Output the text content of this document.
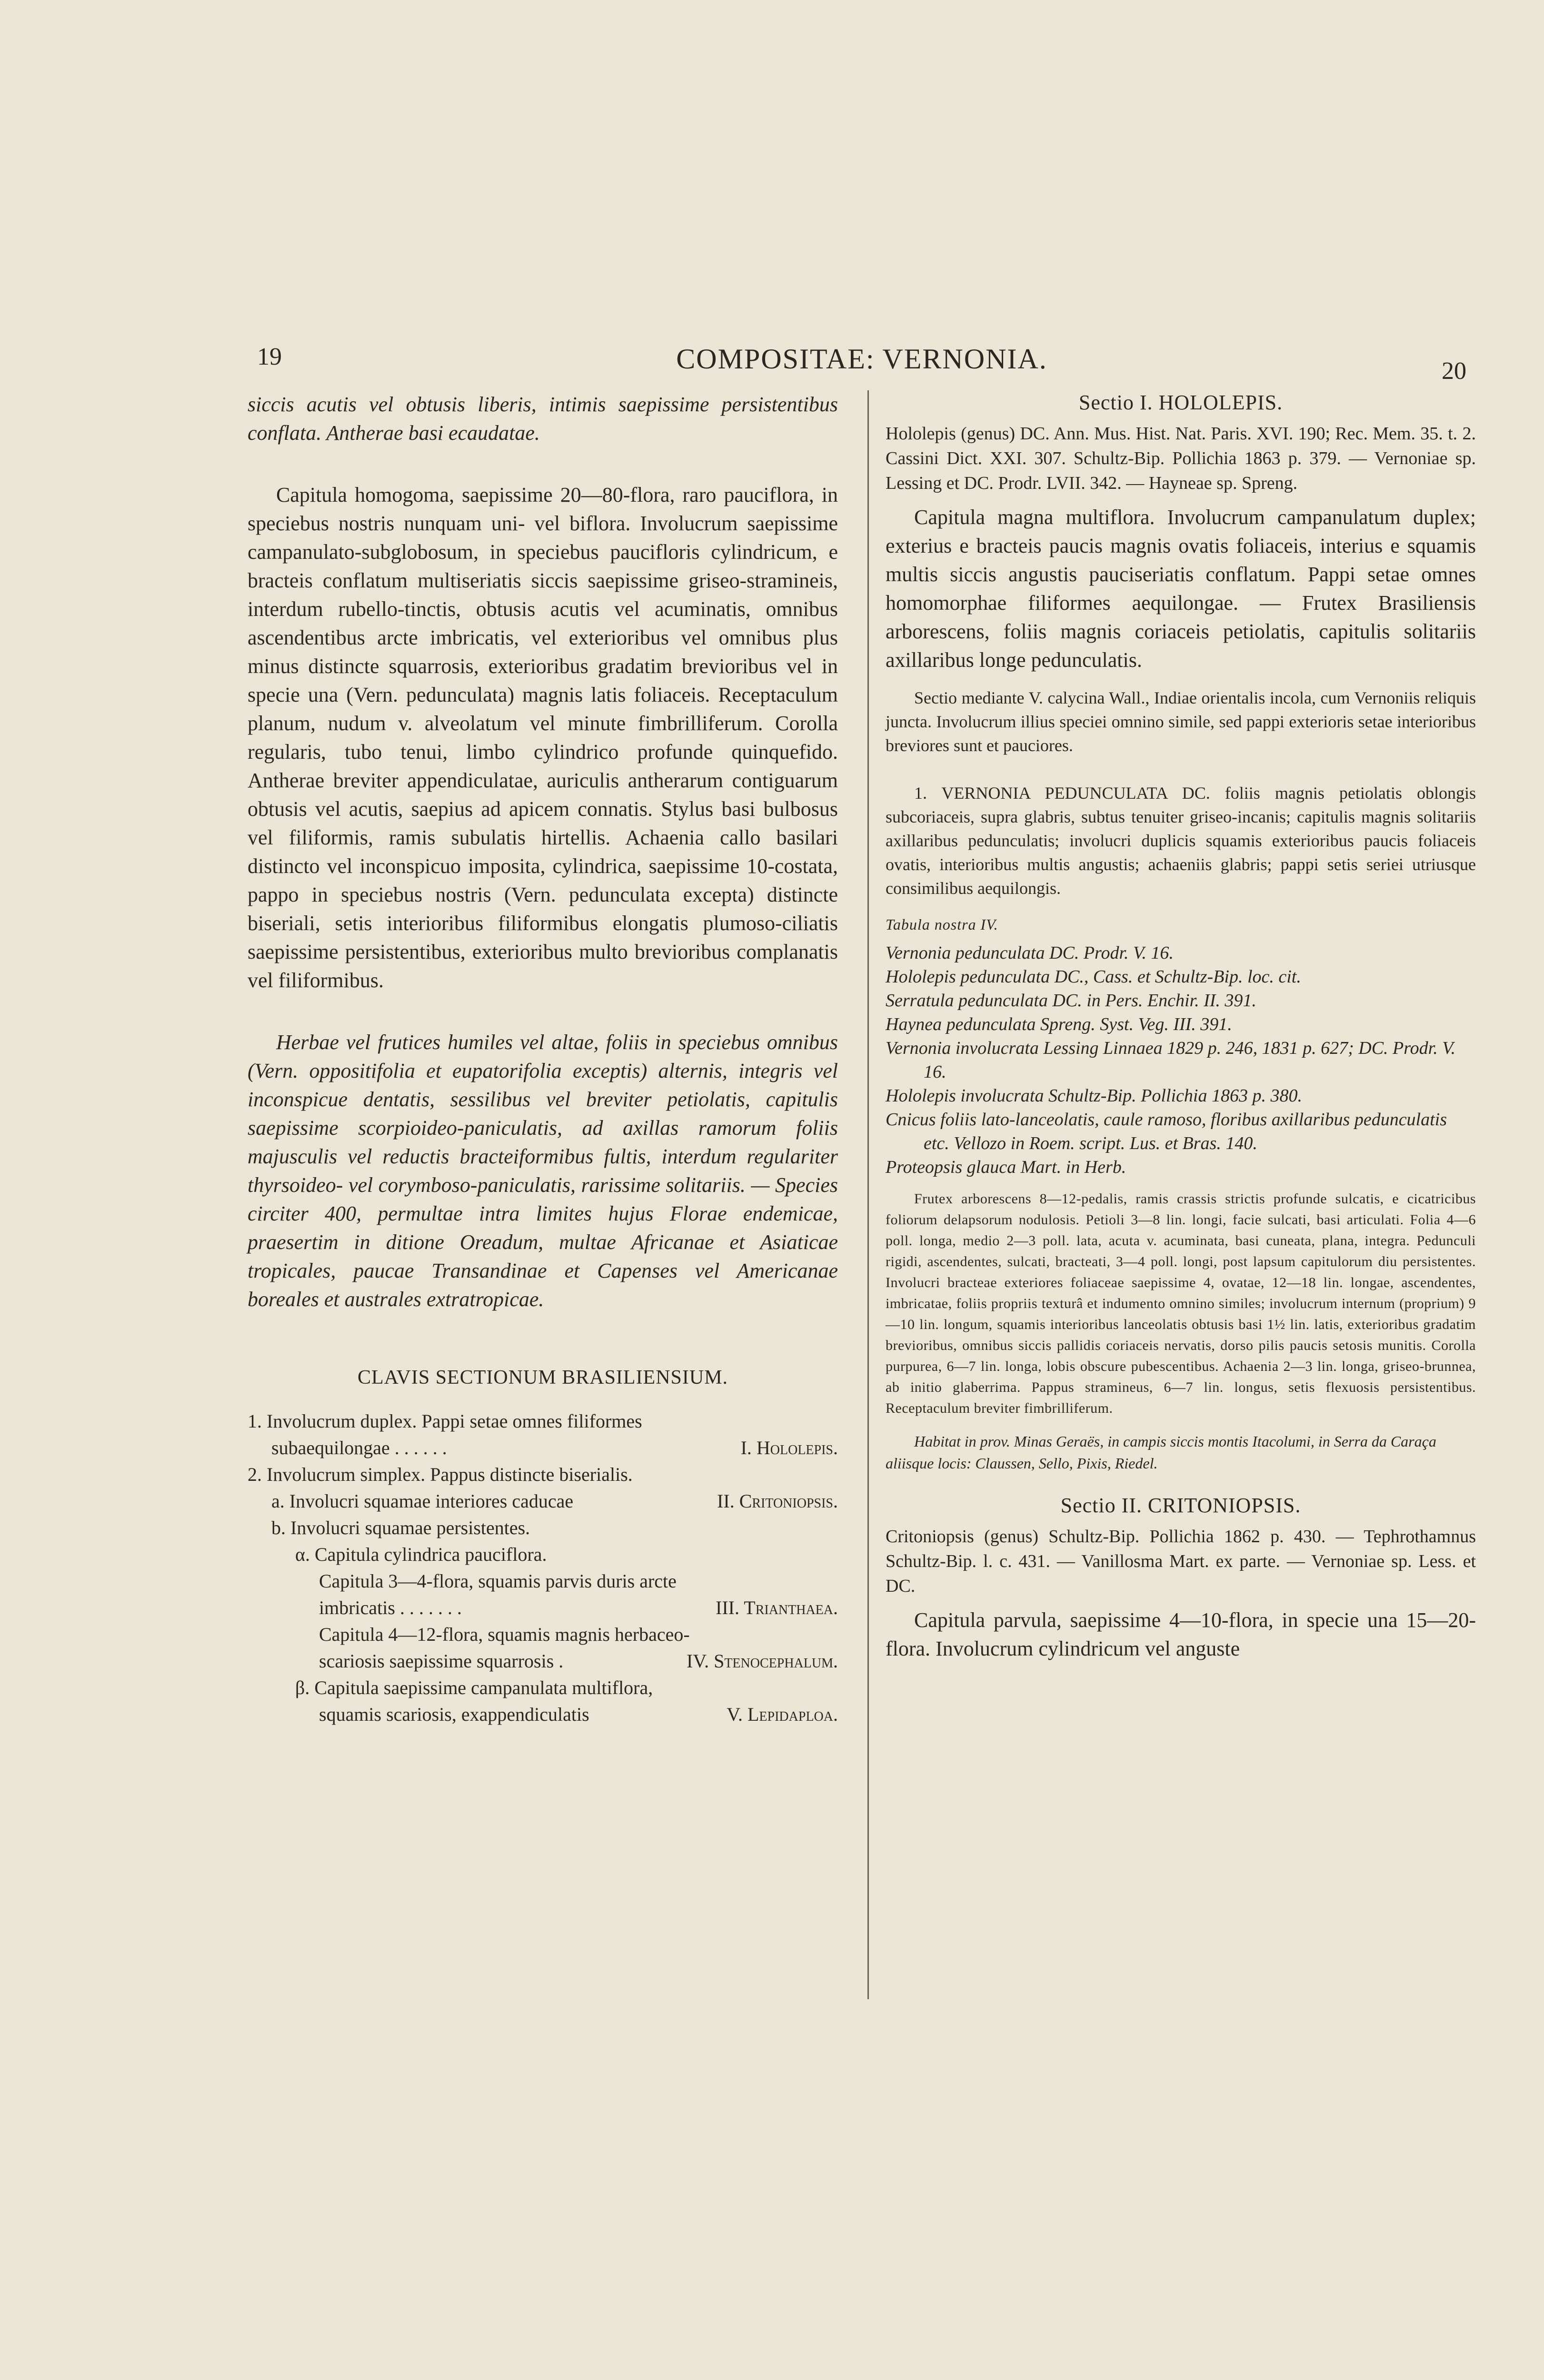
19	COMPOSITAE: VERNONIA.	20

siccis acutis vel obtusis liberis, intimis saepissime persistentibus conflata. Antherae basi ecaudatae.

Capitula homogoma, saepissime 20—80-flora, raro pauciflora, in speciebus nostris nunquam uni- vel biflora. Involucrum saepissime campanulato-subglobosum, in speciebus paucifloris cylindricum, e bracteis conflatum multiseriatis siccis saepissime griseo-stramineis, interdum rubello-tinctis, obtusis acutis vel acuminatis, omnibus ascendentibus arcte imbricatis, vel exterioribus vel omnibus plus minus distincte squarrosis, exterioribus gradatim brevioribus vel in specie una (Vern. pedunculata) magnis latis foliaceis. Receptaculum planum, nudum v. alveolatum vel minute fimbrilliferum. Corolla regularis, tubo tenui, limbo cylindrico profunde quinquefido. Antherae breviter appendiculatae, auriculis antherarum contiguarum obtusis vel acutis, saepius ad apicem connatis. Stylus basi bulbosus vel filiformis, ramis subulatis hirtellis. Achaenia callo basilari distincto vel inconspicuo imposita, cylindrica, saepissime 10-costata, pappo in speciebus nostris (Vern. pedunculata excepta) distincte biseriali, setis interioribus filiformibus elongatis plumoso-ciliatis saepissime persistentibus, exterioribus multo brevioribus complanatis vel filiformibus.

Herbae vel frutices humiles vel altae, foliis in speciebus omnibus (Vern. oppositifolia et eupatorifolia exceptis) alternis, integris vel inconspicue dentatis, sessilibus vel breviter petiolatis, capitulis saepissime scorpioideo-paniculatis, ad axillas ramorum foliis majusculis vel reductis bracteiformibus fultis, interdum regulariter thyrsoideo- vel corymboso-paniculatis, rarissime solitariis. — Species circiter 400, permultae intra limites hujus Florae endemicae, praesertim in ditione Oreadum, multae Africanae et Asiaticae tropicales, paucae Transandinae et Capenses vel Americanae boreales et australes extratropicae.

CLAVIS SECTIONUM BRASILIENSIUM.
1. Involucrum duplex. Pappi setae omnes filiformes
subaequilongae . . . . . .	I. Hololepis.
2. Involucrum simplex. Pappus distincte biserialis.
a. Involucri squamae interiores caducae	II. Critoniopsis.
b. Involucri squamae persistentes.
α. Capitula cylindrica pauciflora.
Capitula 3—4-flora, squamis parvis duris arcte
imbricatis . . . . . . .	III. Trianthaea.
Capitula 4—12-flora, squamis magnis herbaceo-
scariosis saepissime squarrosis .	IV. Stenocephalum.
β. Capitula saepissime campanulata multiflora,
squamis scariosis, exappendiculatis	V. Lepidaploa.
Sectio I. HOLOLEPIS.

Hololepis (genus) DC. Ann. Mus. Hist. Nat. Paris. XVI. 190; Rec. Mem. 35. t. 2. Cassini Dict. XXI. 307. Schultz-Bip. Pollichia 1863 p. 379. — Vernoniae sp. Lessing et DC. Prodr. LVII. 342. — Hayneae sp. Spreng.

Capitula magna multiflora. Involucrum campanulatum duplex; exterius e bracteis paucis magnis ovatis foliaceis, interius e squamis multis siccis angustis pauciseriatis conflatum. Pappi setae omnes homomorphae filiformes aequilongae. — Frutex Brasiliensis arborescens, foliis magnis coriaceis petiolatis, capitulis solitariis axillaribus longe pedunculatis.

Sectio mediante V. calycina Wall., Indiae orientalis incola, cum Vernoniis reliquis juncta. Involucrum illius speciei omnino simile, sed pappi exterioris setae interioribus breviores sunt et pauciores.

1. VERNONIA PEDUNCULATA DC. foliis magnis petiolatis oblongis subcoriaceis, supra glabris, subtus tenuiter griseo-incanis; capitulis magnis solitariis axillaribus pedunculatis; involucri duplicis squamis exterioribus paucis foliaceis ovatis, interioribus multis angustis; achaeniis glabris; pappi setis seriei utriusque consimilibus aequilongis.

Tabula nostra IV.

Vernonia pedunculata DC. Prodr. V. 16.

Hololepis pedunculata DC., Cass. et Schultz-Bip. loc. cit.

Serratula pedunculata DC. in Pers. Enchir. II. 391.

Haynea pedunculata Spreng. Syst. Veg. III. 391.

Vernonia involucrata Lessing Linnaea 1829 p. 246, 1831 p. 627; DC. Prodr. V. 16.

Hololepis involucrata Schultz-Bip. Pollichia 1863 p. 380.

Cnicus foliis lato-lanceolatis, caule ramoso, floribus axillaribus pedunculatis etc. Vellozo in Roem. script. Lus. et Bras. 140.

Proteopsis glauca Mart. in Herb.

Frutex arborescens 8—12-pedalis, ramis crassis strictis profunde sulcatis, e cicatricibus foliorum delapsorum nodulosis. Petioli 3—8 lin. longi, facie sulcati, basi articulati. Folia 4—6 poll. longa, medio 2—3 poll. lata, acuta v. acuminata, basi cuneata, plana, integra. Pedunculi rigidi, ascendentes, sulcati, bracteati, 3—4 poll. longi, post lapsum capitulorum diu persistentes. Involucri bracteae exteriores foliaceae saepissime 4, ovatae, 12—18 lin. longae, ascendentes, imbricatae, foliis propriis texturâ et indumento omnino similes; involucrum internum (proprium) 9—10 lin. longum, squamis interioribus lanceolatis obtusis basi 1½ lin. latis, exterioribus gradatim brevioribus, omnibus siccis pallidis coriaceis nervatis, dorso pilis paucis setosis munitis. Corolla purpurea, 6—7 lin. longa, lobis obscure pubescentibus. Achaenia 2—3 lin. longa, griseo-brunnea, ab initio glaberrima. Pappus stramineus, 6—7 lin. longus, setis flexuosis persistentibus. Receptaculum breviter fimbrilliferum.

Habitat in prov. Minas Geraës, in campis siccis montis Itacolumi, in Serra da Caraça aliisque locis: Claussen, Sello, Pixis, Riedel.

Sectio II. CRITONIOPSIS.

Critoniopsis (genus) Schultz-Bip. Pollichia 1862 p. 430. — Tephrothamnus Schultz-Bip. l. c. 431. — Vanillosma Mart. ex parte. — Vernoniae sp. Less. et DC.

Capitula parvula, saepissime 4—10-flora, in specie una 15—20-flora. Involucrum cylindricum vel anguste
